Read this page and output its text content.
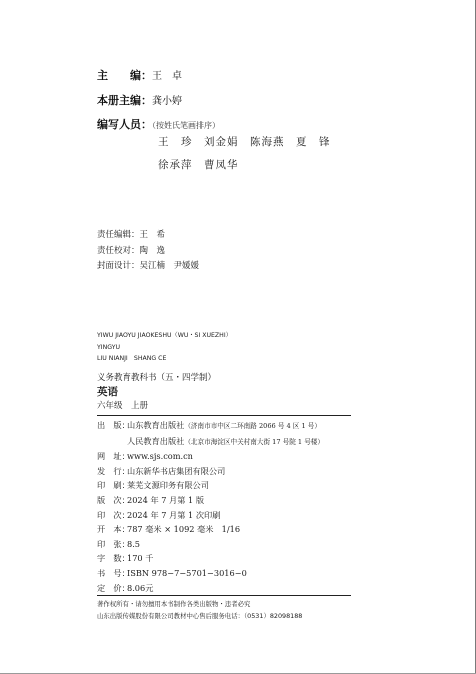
主　　编：王　卓
本册主编：龚小婷
编写人员：（按姓氏笔画排序）
王　珍　刘金娟　陈海燕　夏　锋
徐承萍　曹凤华
责任编辑：王　希
责任校对：陶　逸
封面设计：吴江楠　尹媛媛
YIWU JIAOYU JIAOKESHU（WU・SI XUEZHI）
YINGYU
LIU NIANJI　SHANG CE
义务教育教科书（五・四学制）
英语
六年级　上册
出　版：
山东教育出版社（济南市市中区二环南路 2066 号 4 区 1 号）
人民教育出版社（北京市海淀区中关村南大街 17 号院 1 号楼）
网　址：
www.sjs.com.cn
发　行：
山东新华书店集团有限公司
印　刷：
莱芜文源印务有限公司
版　次：
2024 年 7 月第 1 版
印　次：
2024 年 7 月第 1 次印刷
开　本：
787 毫米 × 1092 毫米　1/16
印　张：
8.5
字　数：
170 千
书　号：
ISBN 978−7−5701−3016−0
定　价：
8.06元
著作权所有・请勿擅用本书制作各类出版物・违者必究
山东出版传媒股份有限公司教材中心售后服务电话：（0531）82098188
